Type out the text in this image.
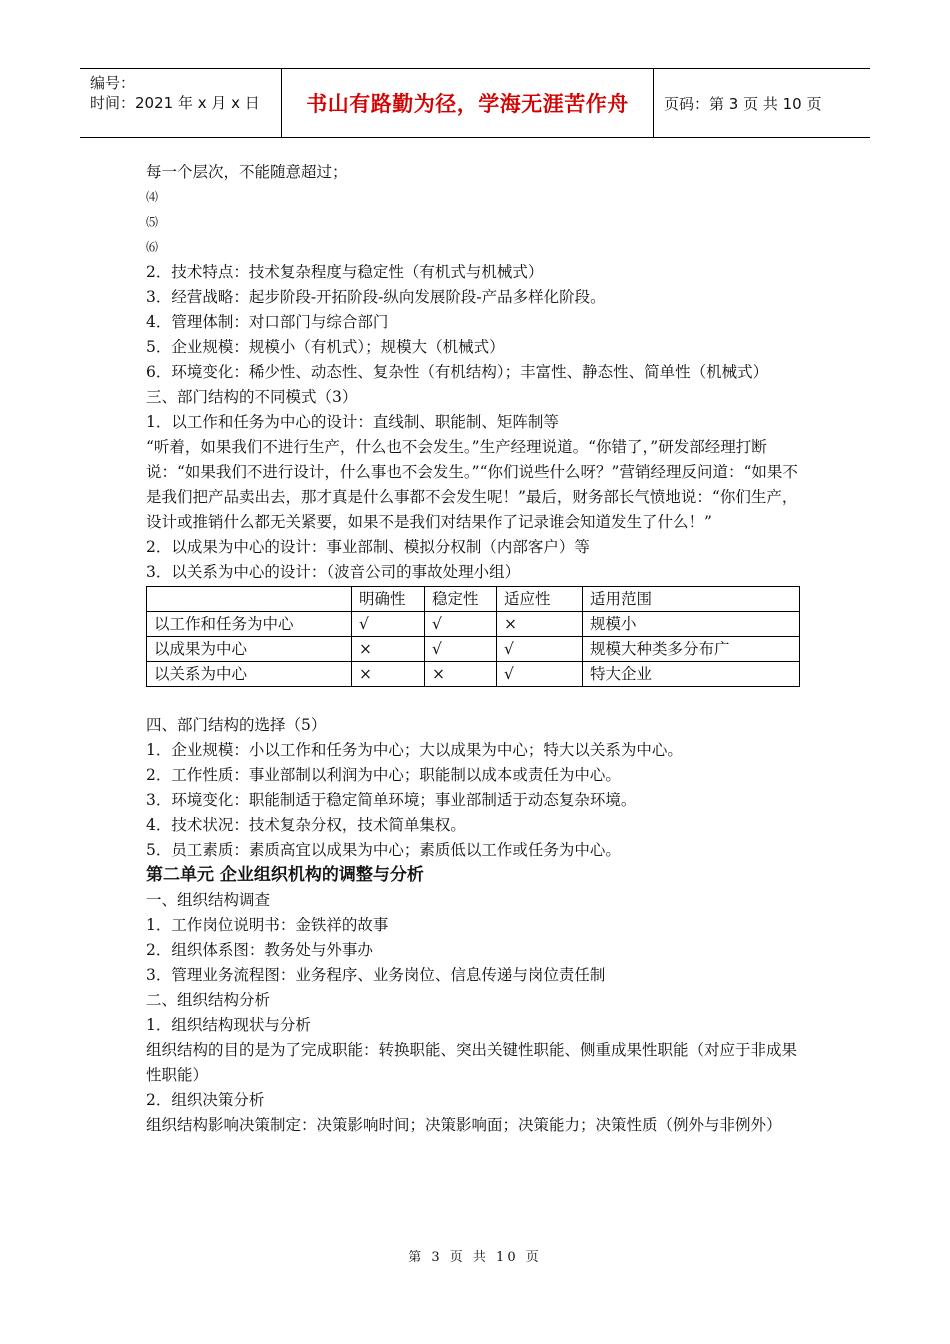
编号：
时间：2021 年 x 月 x 日	书山有路勤为径，学海无涯苦作舟	页码：第 3 页 共 10 页

每一个层次，不能随意超过；

⑷

⑸

⑹

2．技术特点：技术复杂程度与稳定性（有机式与机械式）

3．经营战略：起步阶段-开拓阶段-纵向发展阶段-产品多样化阶段。

4．管理体制：对口部门与综合部门

5．企业规模：规模小（有机式）；规模大（机械式）

6．环境变化：稀少性、动态性、复杂性（有机结构）；丰富性、静态性、简单性（机械式）

三、部门结构的不同模式（3）

1．以工作和任务为中心的设计：直线制、职能制、矩阵制等

“听着，如果我们不进行生产，什么也不会发生。”生产经理说道。“你错了，”研发部经理打断说：“如果我们不进行设计，什么事也不会发生。”“你们说些什么呀？”营销经理反问道：“如果不是我们把产品卖出去，那才真是什么事都不会发生呢！”最后，财务部长气愤地说：“你们生产，设计或推销什么都无关紧要，如果不是我们对结果作了记录谁会知道发生了什么！”

2．以成果为中心的设计：事业部制、模拟分权制（内部客户）等

3．以关系为中心的设计：（波音公司的事故处理小组）

	明确性	稳定性	适应性	适用范围
以工作和任务为中心	√	√	×	规模小
以成果为中心	×	√	√	规模大种类多分布广
以关系为中心	×	×	√	特大企业

四、部门结构的选择（5）

1．企业规模：小以工作和任务为中心；大以成果为中心；特大以关系为中心。

2．工作性质：事业部制以利润为中心；职能制以成本或责任为中心。

3．环境变化：职能制适于稳定简单环境；事业部制适于动态复杂环境。

4．技术状况：技术复杂分权，技术简单集权。

5．员工素质：素质高宜以成果为中心；素质低以工作或任务为中心。

第二单元 企业组织机构的调整与分析

一、组织结构调查

1．工作岗位说明书：金铁祥的故事

2．组织体系图：教务处与外事办

3．管理业务流程图：业务程序、业务岗位、信息传递与岗位责任制

二、组织结构分析

1．组织结构现状与分析

组织结构的目的是为了完成职能：转换职能、突出关键性职能、侧重成果性职能（对应于非成果性职能）

2．组织决策分析

组织结构影响决策制定：决策影响时间；决策影响面；决策能力；决策性质（例外与非例外）

第 3 页 共 10 页
